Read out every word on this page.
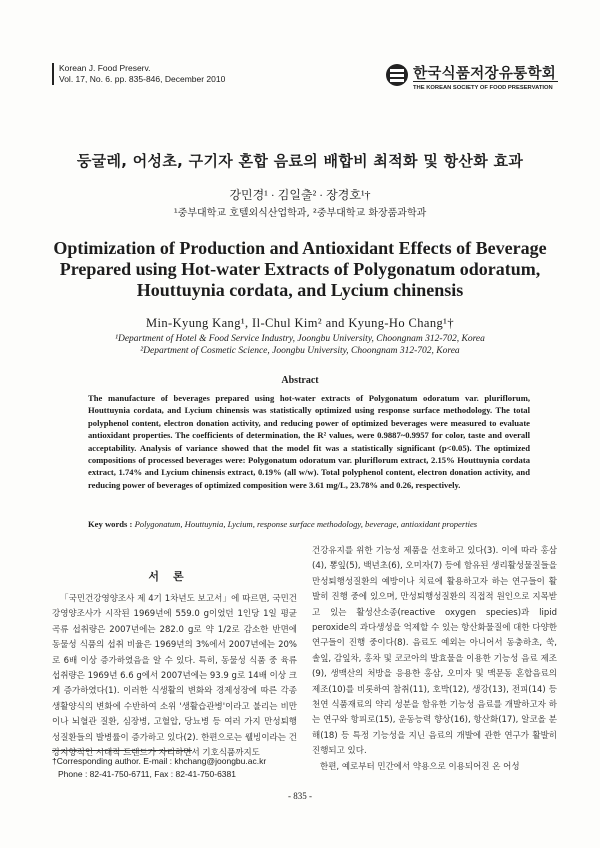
Korean J. Food Preserv.
Vol. 17, No. 6. pp. 835-846, December 2010	한국식품저장유통학회
THE KOREAN SOCIETY OF FOOD PRESERVATION
둥굴레, 어성초, 구기자 혼합 음료의 배합비 최적화 및 항산화 효과
강민경¹ · 김일출² · 장경호¹†
¹중부대학교 호텔외식산업학과, ²중부대학교 화장품과학과
Optimization of Production and Antioxidant Effects of Beverage
Prepared using Hot-water Extracts of Polygonatum odoratum,
Houttuynia cordata, and Lycium chinensis
Min-Kyung Kang¹, Il-Chul Kim² and Kyung-Ho Chang¹†
¹Department of Hotel & Food Service Industry, Joongbu University, Choongnam 312-702, Korea
²Department of Cosmetic Science, Joongbu University, Choongnam 312-702, Korea
Abstract
The manufacture of beverages prepared using hot-water extracts of Polygonatum odoratum var. pluriflorum, Houttuynia cordata, and Lycium chinensis was statistically optimized using response surface methodology. The total polyphenol content, electron donation activity, and reducing power of optimized beverages were measured to evaluate antioxidant properties. The coefficients of determination, the R² values, were 0.9887~0.9957 for color, taste and overall acceptability. Analysis of variance showed that the model fit was a statistically significant (p<0.05). The optimized compositions of processed beverages were: Polygonatum odoratum var. pluriflorum extract, 2.15% Houttuynia cordata extract, 1.74% and Lycium chinensis extract, 0.19% (all w/w). Total polyphenol content, electron donation activity, and reducing power of beverages of optimized composition were 3.61 mg/L, 23.78% and 0.26, respectively.
Key words : Polygonatum, Houttuynia, Lycium, response surface methodology, beverage, antioxidant properties
서론
「국민건강영양조사 제 4기 1차년도 보고서」에 따르면, 국민건강영양조사가 시작된 1969년에 559.0 g이었던 1인당 1일 평균 곡류 섭취량은 2007년에는 282.0 g로 약 1/2로 감소한 반면에 동물성 식품의 섭취 비율은 1969년의 3%에서 2007년에는 20%로 6배 이상 증가하였음을 알 수 있다. 특히, 동물성 식품 중 육류 섭취량은 1969년 6.6 g에서 2007년에는 93.9 g로 14배 이상 크게 증가하였다(1). 이러한 식생활의 변화와 경제성장에 따른 각종 생활양식의 변화에 수반하여 소위 '생활습관병'이라고 불리는 비만이나 뇌혈관 질환, 심장병, 고혈압, 당뇨병 등 여러 가지 만성퇴행성질환들의 발병률이 증가하고 있다(2). 한편으로는 웰빙이라는 건강지향적인 시대적 트렌드가 자리하면서 기호식품까지도
건강유지를 위한 기능성 제품을 선호하고 있다(3). 이에 따라 홍삼(4), 뽕잎(5), 백년초(6), 오미자(7) 등에 함유된 생리활성물질들을 만성퇴행성질환의 예방이나 치료에 활용하고자 하는 연구들이 활발히 진행 중에 있으며, 만성퇴행성질환의 직접적 원인으로 지목받고 있는 활성산소종(reactive oxygen species)과 lipid peroxide의 과다생성을 억제할 수 있는 항산화물질에 대한 다양한 연구들이 진행 중이다(8). 음료도 예외는 아니어서 동충하초, 쑥, 솔잎, 감잎차, 홍차 및 코코아의 발효물을 이용한 기능성 음료 제조(9), 생맥산의 처방을 응용한 홍삼, 오미자 및 맥문동 혼합음료의 제조(10)를 비롯하여 참취(11), 호박(12), 생강(13), 전피(14) 등 천연 식품재료의 약리 성분을 함유한 기능성 음료를 개발하고자 하는 연구와 항피로(15), 운동능력 향상(16), 항산화(17), 알코올 분해(18) 등 특정 기능성을 지닌 음료의 개발에 관한 연구가 활발히 진행되고 있다.
한편, 예로부터 민간에서 약용으로 이용되어진 온 어성
†Corresponding author. E-mail : khchang@joongbu.ac.kr
Phone : 82-41-750-6711, Fax : 82-41-750-6381
- 835 -
